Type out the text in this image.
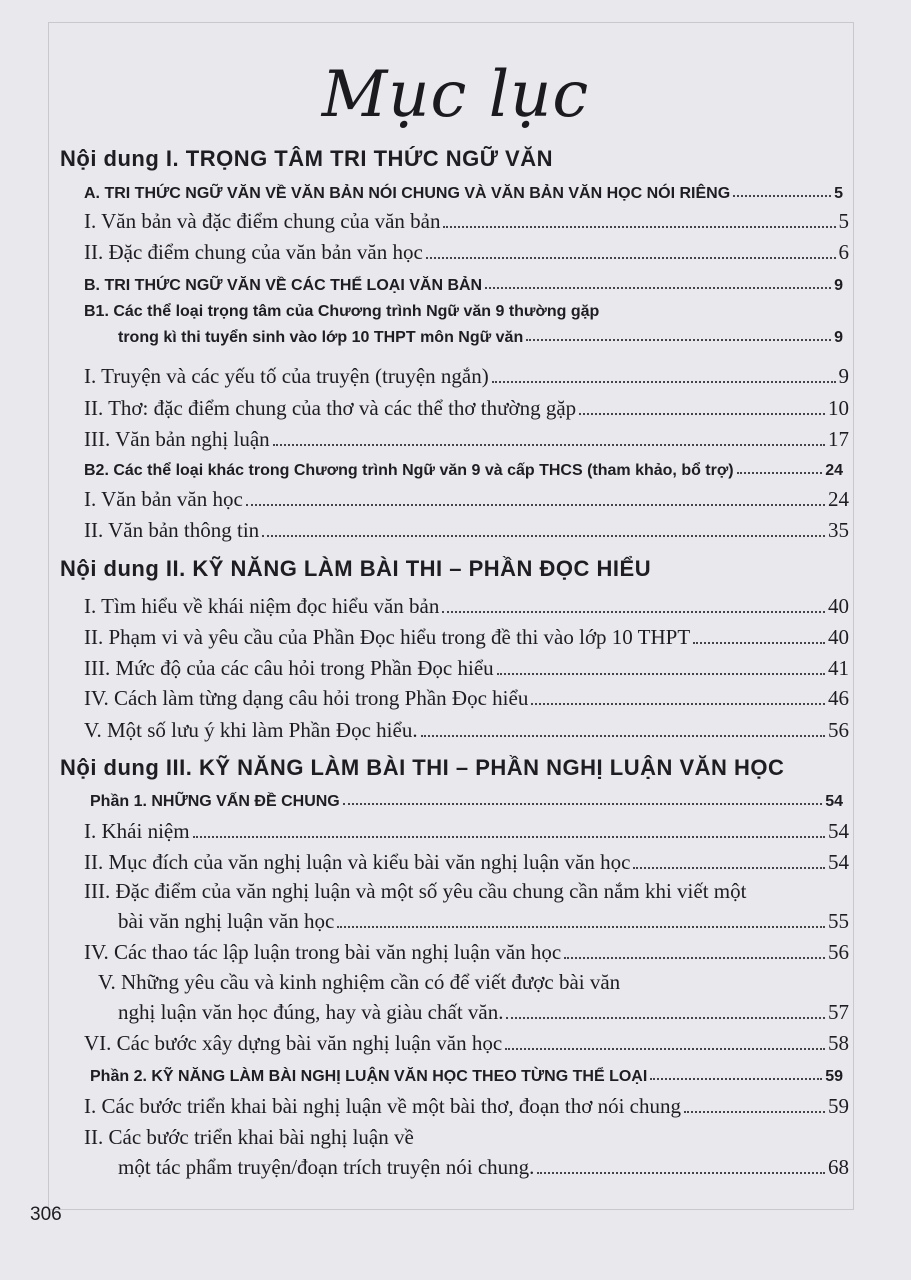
Mục lục
Nội dung I. TRỌNG TÂM TRI THỨC NGỮ VĂN
A. TRI THỨC NGỮ VĂN VỀ VĂN BẢN NÓI CHUNG VÀ VĂN BẢN VĂN HỌC NÓI RIÊNG	5
I. Văn bản và đặc điểm chung của văn bản	5
II. Đặc điểm chung của văn bản văn học	6
B. TRI THỨC NGỮ VĂN VỀ CÁC THỂ LOẠI VĂN BẢN	9
B1. Các thể loại trọng tâm của Chương trình Ngữ văn 9 thường gặp
trong kì thi tuyển sinh vào lớp 10 THPT môn Ngữ văn	9
I. Truyện và các yếu tố của truyện (truyện ngắn)	9
II. Thơ: đặc điểm chung của thơ và các thể thơ thường gặp	10
III. Văn bản nghị luận	17
B2. Các thể loại khác trong Chương trình Ngữ văn 9 và cấp THCS (tham khảo, bổ trợ)	24
I. Văn bản văn học	24
II. Văn bản thông tin	35
Nội dung II. KỸ NĂNG LÀM BÀI THI – PHẦN ĐỌC HIỂU
I. Tìm hiểu về khái niệm đọc hiểu văn bản	40
II. Phạm vi và yêu cầu của Phần Đọc hiểu trong đề thi vào lớp 10 THPT	40
III. Mức độ của các câu hỏi trong Phần Đọc hiểu	41
IV. Cách làm từng dạng câu hỏi trong Phần Đọc hiểu	46
V. Một số lưu ý khi làm Phần Đọc hiểu.	56
Nội dung III. KỸ NĂNG LÀM BÀI THI – PHẦN NGHỊ LUẬN VĂN HỌC
Phần 1. NHỮNG VẤN ĐỀ CHUNG	54
I. Khái niệm	54
II. Mục đích của văn nghị luận và kiểu bài văn nghị luận văn học	54
III. Đặc điểm của văn nghị luận và một số yêu cầu chung cần nắm khi viết một
bài văn nghị luận văn học	55
IV. Các thao tác lập luận trong bài văn nghị luận văn học	56
V. Những yêu cầu và kinh nghiệm cần có để viết được bài văn
nghị luận văn học đúng, hay và giàu chất văn.	57
VI. Các bước xây dựng bài văn nghị luận văn học	58
Phần 2. KỸ NĂNG LÀM BÀI NGHỊ LUẬN VĂN HỌC THEO TỪNG THỂ LOẠI	59
I. Các bước triển khai bài nghị luận về một bài thơ, đoạn thơ nói chung	59
II. Các bước triển khai bài nghị luận về
một tác phẩm truyện/đoạn trích truyện nói chung.	68
306
